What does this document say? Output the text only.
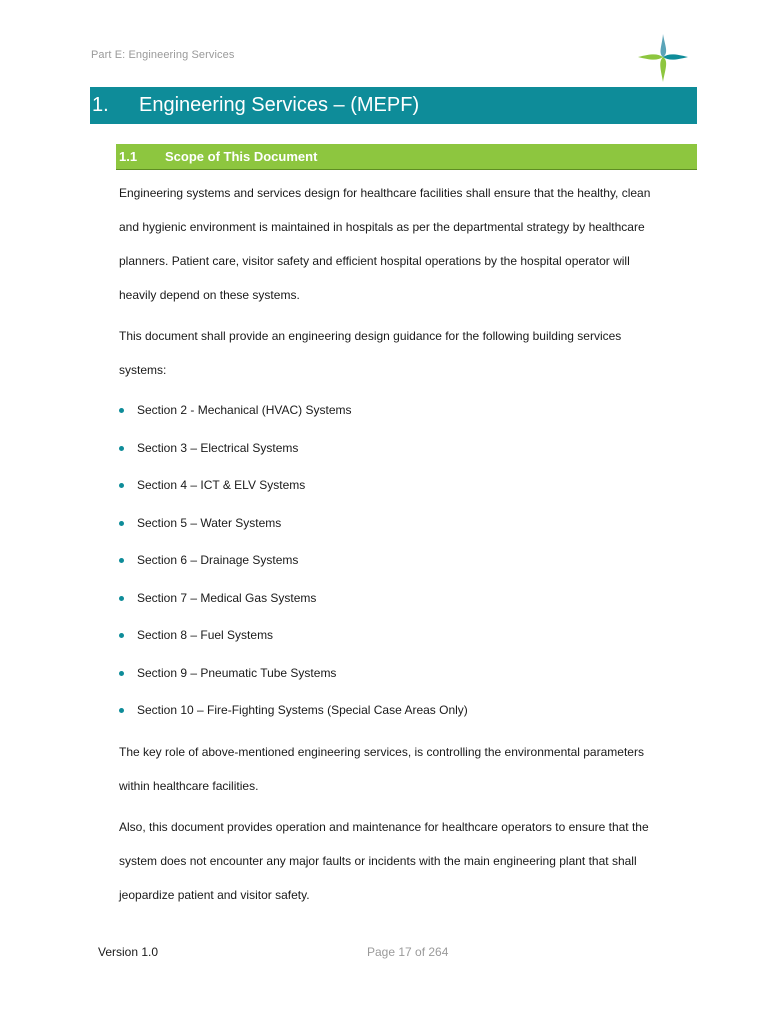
Part E: Engineering Services
1.	Engineering Services – (MEPF)
1.1	Scope of This Document
Engineering systems and services design for healthcare facilities shall ensure that the healthy, clean
and hygienic environment is maintained in hospitals as per the departmental strategy by healthcare
planners. Patient care, visitor safety and efficient hospital operations by the hospital operator will
heavily depend on these systems.
This document shall provide an engineering design guidance for the following building services
systems:
Section 2 - Mechanical (HVAC) Systems
Section 3 – Electrical Systems
Section 4 – ICT & ELV Systems
Section 5 – Water Systems
Section 6 – Drainage Systems
Section 7 – Medical Gas Systems
Section 8 – Fuel Systems
Section 9 – Pneumatic Tube Systems
Section 10 – Fire-Fighting Systems (Special Case Areas Only)
The key role of above-mentioned engineering services, is controlling the environmental parameters
within healthcare facilities.
Also, this document provides operation and maintenance for healthcare operators to ensure that the
system does not encounter any major faults or incidents with the main engineering plant that shall
jeopardize patient and visitor safety.
Version 1.0	Page 17 of 264
